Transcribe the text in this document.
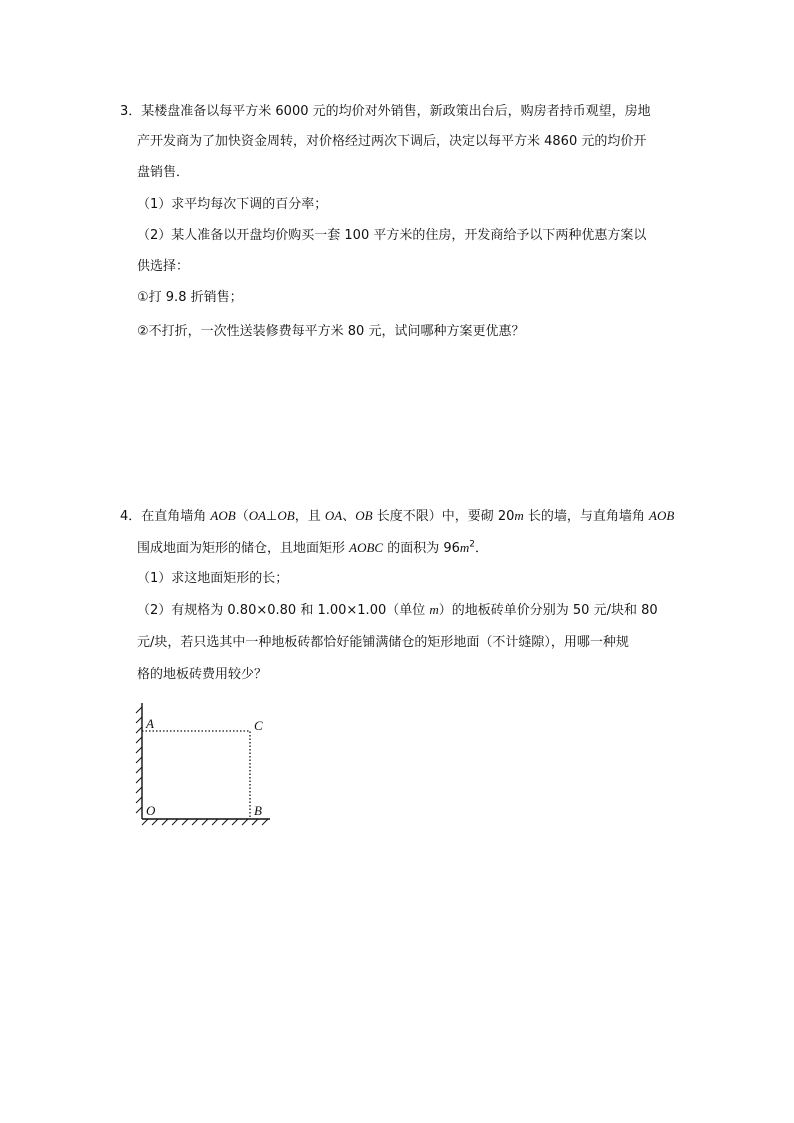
3．某楼盘准备以每平方米 6000 元的均价对外销售，新政策出台后，购房者持币观望，房地
产开发商为了加快资金周转，对价格经过两次下调后，决定以每平方米 4860 元的均价开
盘销售．
（1）求平均每次下调的百分率；
（2）某人准备以开盘均价购买一套 100 平方米的住房，开发商给予以下两种优惠方案以
供选择：
①打 9.8 折销售；
②不打折，一次性送装修费每平方米 80 元，试问哪种方案更优惠？
4．在直角墙角 AOB（OA⊥OB，且 OA、OB 长度不限）中，要砌 20m 长的墙，与直角墙角 AOB
围成地面为矩形的储仓，且地面矩形 AOBC 的面积为 $96m^2$．
（1）求这地面矩形的长；
（2）有规格为 0.80×0.80 和 1.00×1.00（单位 m）的地板砖单价分别为 50 元/块和 80
元/块，若只选其中一种地板砖都恰好能铺满储仓的矩形地面（不计缝隙），用哪一种规
格的地板砖费用较少？
A	C
O	B
